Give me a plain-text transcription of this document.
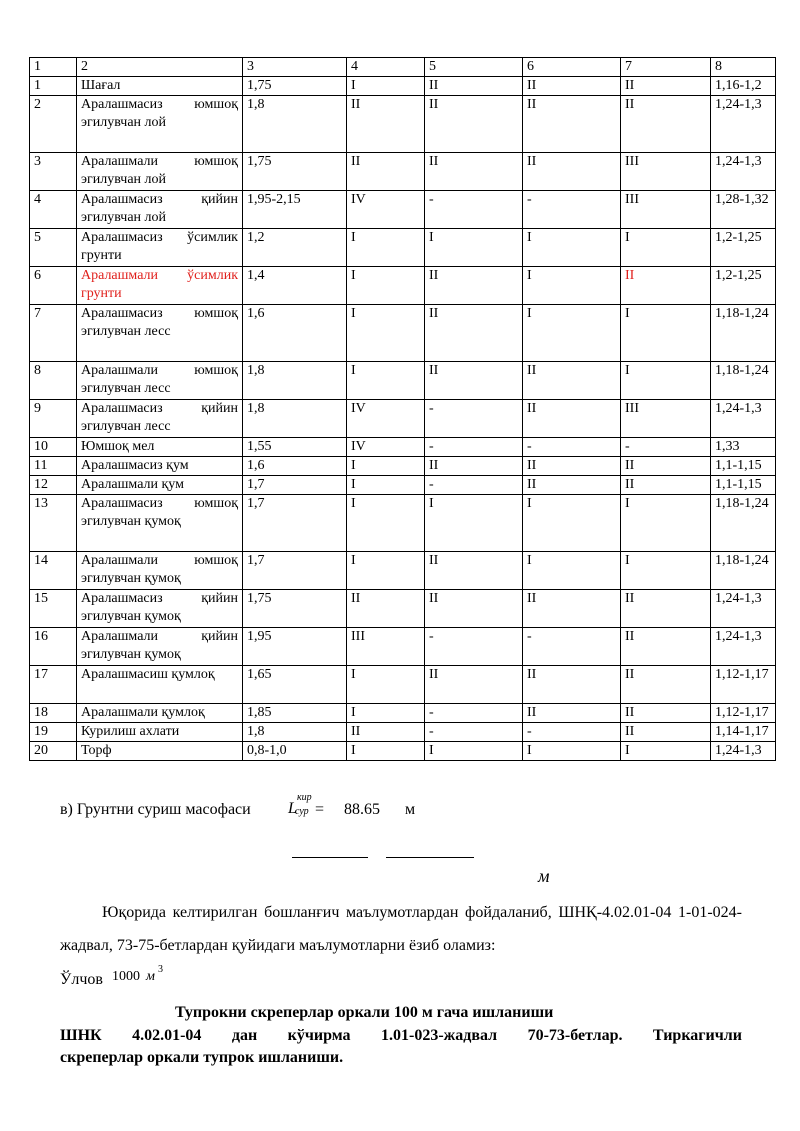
1	2	3	4	5	6	7	8
1	Шағал	1,75	I	II	II	II	1,16-1,2
2	Аралашмасиз юмшоқ эгилувчан лой	1,8	II	II	II	II	1,24-1,3
3	Аралашмали юмшоқ эгилувчан лой	1,75	II	II	II	III	1,24-1,3
4	Аралашмасиз қийин эгилувчан лой	1,95-2,15	IV	-	-	III	1,28-1,32
5	Аралашмасиз ўсимлик грунти	1,2	I	I	I	I	1,2-1,25
6	Аралашмали ўсимлик грунти	1,4	I	II	I	II	1,2-1,25
7	Аралашмасиз юмшоқ эгилувчан лесс	1,6	I	II	I	I	1,18-1,24
8	Аралашмали юмшоқ эгилувчан лесс	1,8	I	II	II	I	1,18-1,24
9	Аралашмасиз қийин эгилувчан лесс	1,8	IV	-	II	III	1,24-1,3
10	Юмшоқ мел	1,55	IV	-	-	-	1,33
11	Аралашмасиз қум	1,6	I	II	II	II	1,1-1,15
12	Аралашмали қум	1,7	I	-	II	II	1,1-1,15
13	Аралашмасиз юмшоқ эгилувчан қумоқ	1,7	I	I	I	I	1,18-1,24
14	Аралашмали юмшоқ эгилувчан қумоқ	1,7	I	II	I	I	1,18-1,24
15	Аралашмасиз қийин эгилувчан қумоқ	1,75	II	II	II	II	1,24-1,3
16	Аралашмали қийин эгилувчан қумоқ	1,95	III	-	-	II	1,24-1,3
17	Аралашмасиш қумлоқ	1,65	I	II	II	II	1,12-1,17
18	Аралашмали қумлоқ	1,85	I	-	II	II	1,12-1,17
19	Курилиш ахлати	1,8	II	-	-	II	1,14-1,17
20	Торф	0,8-1,0	I	I	I	I	1,24-1,3
в) Грунтни суриш масофаси L
кир
сур = 88.65 м
м
Юқорида келтирилган бошланғич маълумотлардан фойдаланиб, ШНҚ-4.02.01-04 1-01-024-жадвал, 73-75-бетлардан қуйидаги маълумотларни ёзиб оламиз:
Ўлчов 1000 м 3
Тупрокни скреперлар оркали 100 м гача ишланиши
ШНК 4.02.01-04 дан кўчирма 1.01-023-жадвал 70-73-бетлар. Тиркагичли
скреперлар оркали тупрок ишланиши.
